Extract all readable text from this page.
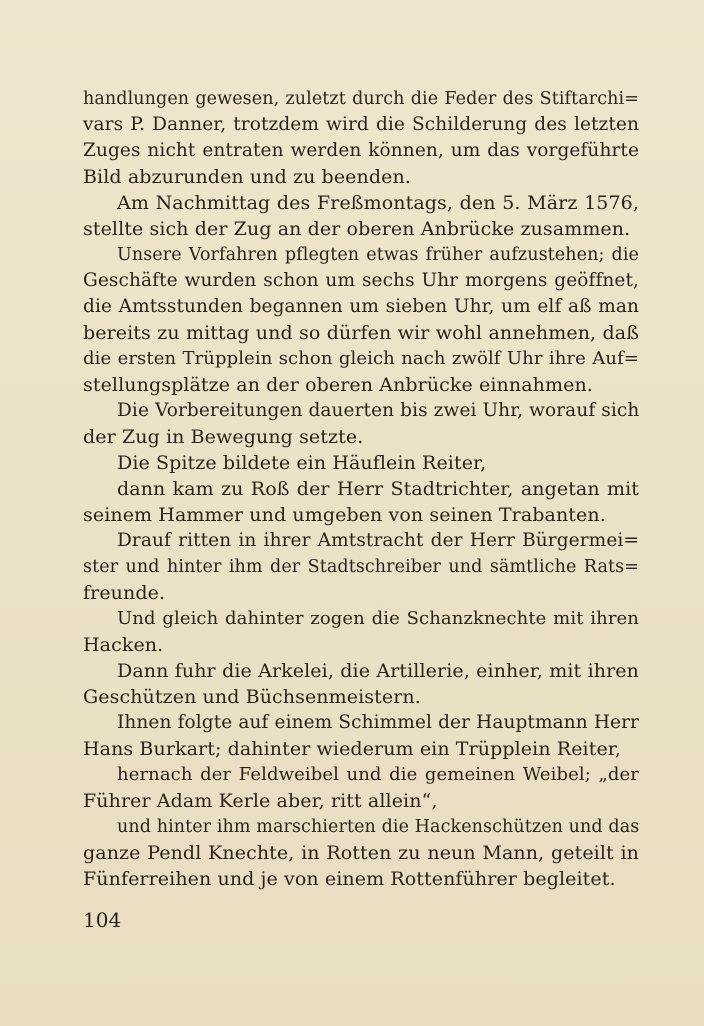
handlungen gewesen, zuletzt durch die Feder des Stiftarchi=
vars P. Danner, trotzdem wird die Schilderung des letzten
Zuges nicht entraten werden können, um das vorgeführte
Bild abzurunden und zu beenden.
Am Nachmittag des Freßmontags, den 5. März 1576,
stellte sich der Zug an der oberen Anbrücke zusammen.
Unsere Vorfahren pflegten etwas früher aufzustehen; die
Geschäfte wurden schon um sechs Uhr morgens geöffnet,
die Amtsstunden begannen um sieben Uhr, um elf aß man
bereits zu mittag und so dürfen wir wohl annehmen, daß
die ersten Trüpplein schon gleich nach zwölf Uhr ihre Auf=
stellungsplätze an der oberen Anbrücke einnahmen.
Die Vorbereitungen dauerten bis zwei Uhr, worauf sich
der Zug in Bewegung setzte.
Die Spitze bildete ein Häuflein Reiter,
dann kam zu Roß der Herr Stadtrichter, angetan mit
seinem Hammer und umgeben von seinen Trabanten.
Drauf ritten in ihrer Amtstracht der Herr Bürgermei=
ster und hinter ihm der Stadtschreiber und sämtliche Rats=
freunde.
Und gleich dahinter zogen die Schanzknechte mit ihren
Hacken.
Dann fuhr die Arkelei, die Artillerie, einher, mit ihren
Geschützen und Büchsenmeistern.
Ihnen folgte auf einem Schimmel der Hauptmann Herr
Hans Burkart; dahinter wiederum ein Trüpplein Reiter,
hernach der Feldweibel und die gemeinen Weibel; „der
Führer Adam Kerle aber, ritt allein“,
und hinter ihm marschierten die Hackenschützen und das
ganze Pendl Knechte, in Rotten zu neun Mann, geteilt in
Fünferreihen und je von einem Rottenführer begleitet.
104
